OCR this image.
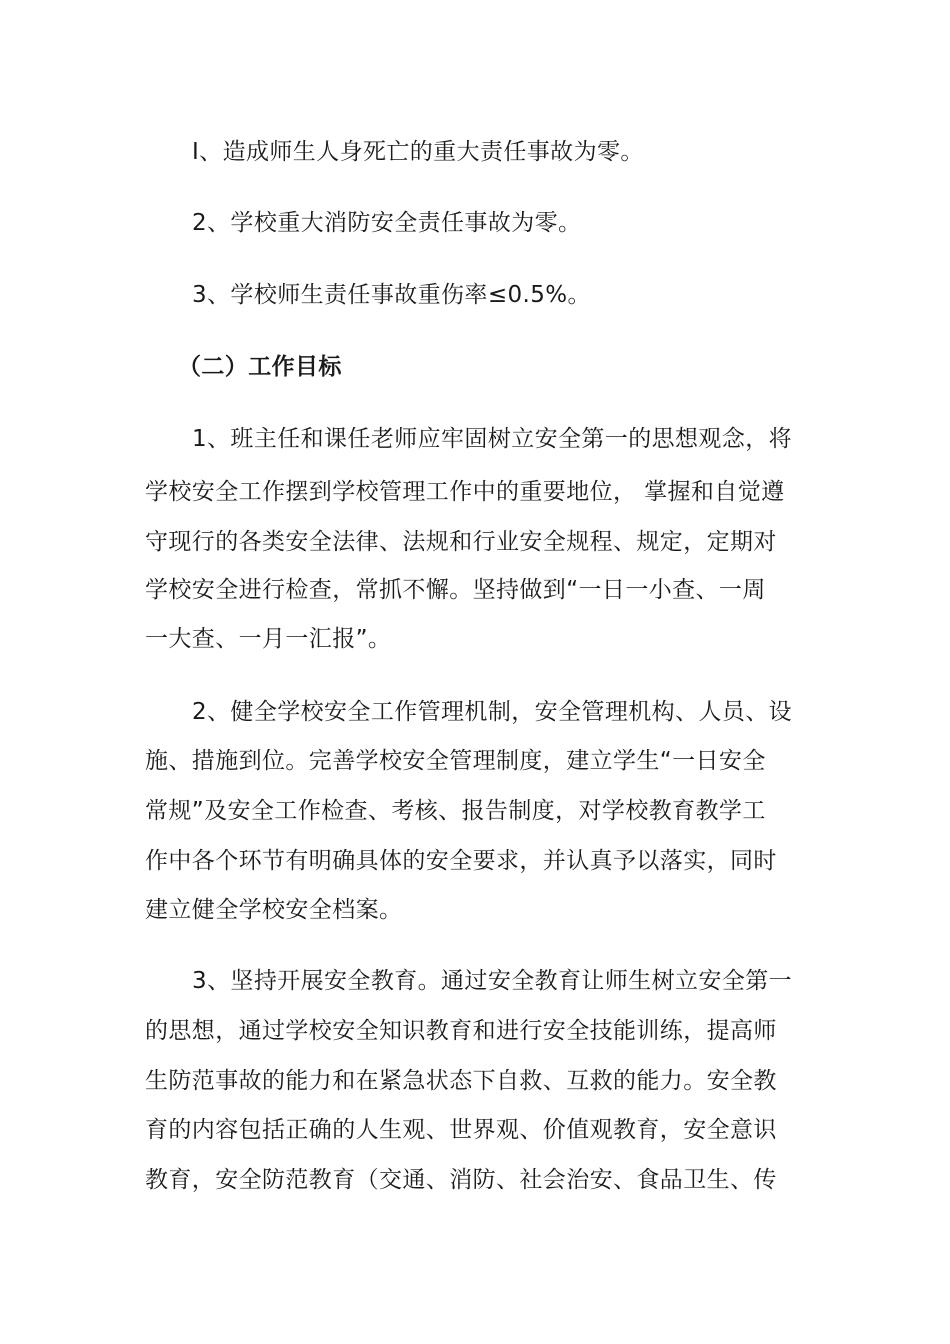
I、造成师生人身死亡的重大责任事故为零。
2、学校重大消防安全责任事故为零。
3、学校师生责任事故重伤率≤0.5%。
（二）工作目标
1、班主任和课任老师应牢固树立安全第一的思想观念，将
学校安全工作摆到学校管理工作中的重要地位， 掌握和自觉遵
守现行的各类安全法律、法规和行业安全规程、规定，定期对
学校安全进行检查，常抓不懈。坚持做到“一日一小查、一周
一大查、一月一汇报”。
2、健全学校安全工作管理机制，安全管理机构、人员、设
施、措施到位。完善学校安全管理制度，建立学生“一日安全
常规”及安全工作检查、考核、报告制度，对学校教育教学工
作中各个环节有明确具体的安全要求，并认真予以落实，同时
建立健全学校安全档案。
3、坚持开展安全教育。通过安全教育让师生树立安全第一
的思想，通过学校安全知识教育和进行安全技能训练，提高师
生防范事故的能力和在紧急状态下自救、互救的能力。安全教
育的内容包括正确的人生观、世界观、价值观教育，安全意识
教育，安全防范教育（交通、消防、社会治安、食品卫生、传
